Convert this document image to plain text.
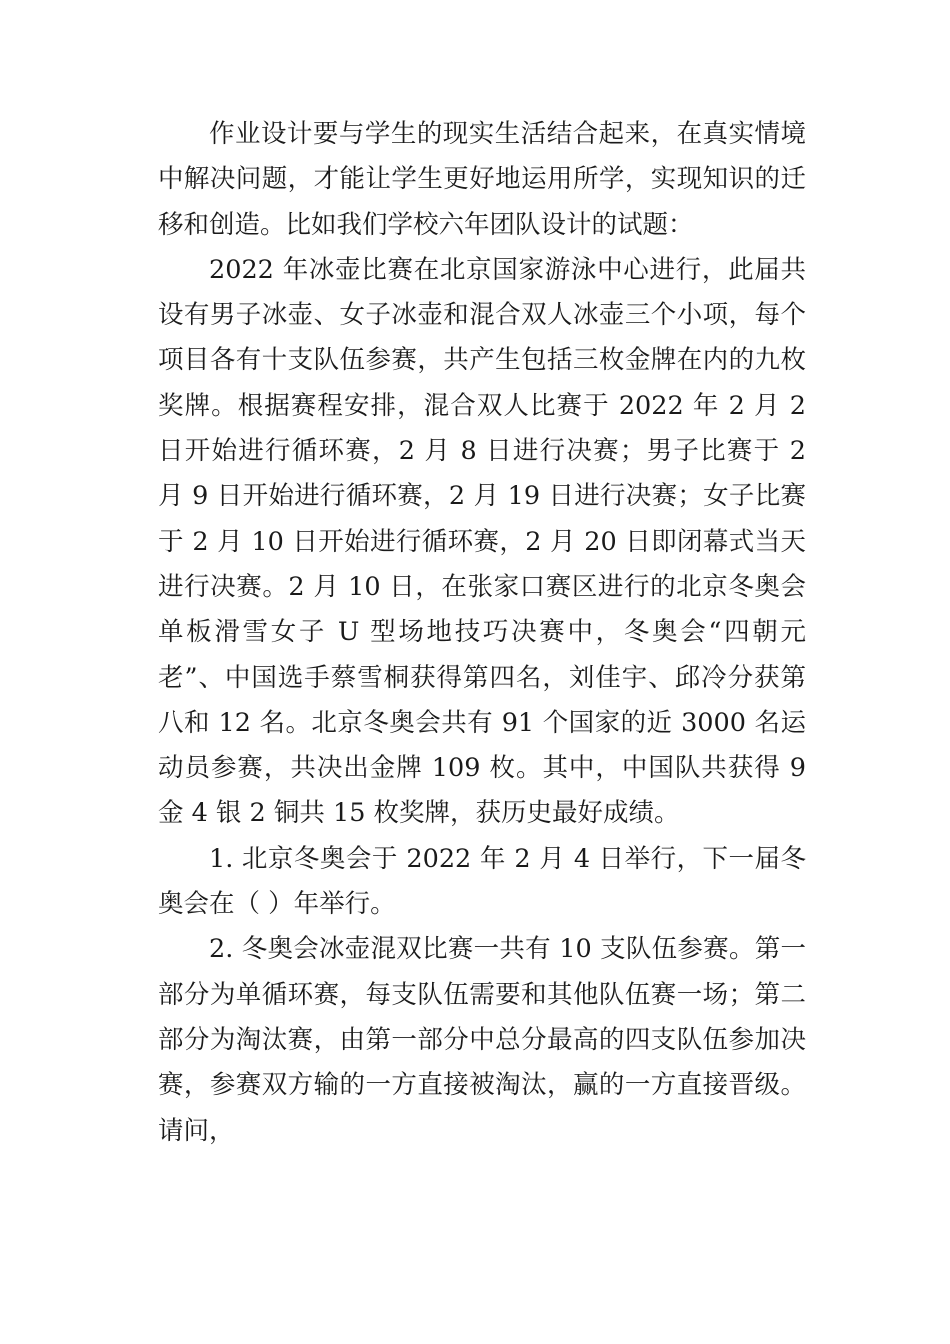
作业设计要与学生的现实生活结合起来，在真实情境中解决问题，才能让学生更好地运用所学，实现知识的迁移和创造。比如我们学校六年团队设计的试题：

2022 年冰壶比赛在北京国家游泳中心进行，此届共设有男子冰壶、女子冰壶和混合双人冰壶三个小项，每个项目各有十支队伍参赛，共产生包括三枚金牌在内的九枚奖牌。根据赛程安排，混合双人比赛于 2022 年 2 月 2 日开始进行循环赛，2 月 8 日进行决赛；男子比赛于 2 月 9 日开始进行循环赛，2 月 19 日进行决赛；女子比赛于 2 月 10 日开始进行循环赛，2 月 20 日即闭幕式当天进行决赛。2 月 10 日，在张家口赛区进行的北京冬奥会单板滑雪女子 U 型场地技巧决赛中，冬奥会“四朝元老”、中国选手蔡雪桐获得第四名，刘佳宇、邱冷分获第八和 12 名。北京冬奥会共有 91 个国家的近 3000 名运动员参赛，共决出金牌 109 枚。其中，中国队共获得 9 金 4 银 2 铜共 15 枚奖牌，获历史最好成绩。

1. 北京冬奥会于 2022 年 2 月 4 日举行，下一届冬奥会在（ ）年举行。

2. 冬奥会冰壶混双比赛一共有 10 支队伍参赛。第一部分为单循环赛，每支队伍需要和其他队伍赛一场；第二部分为淘汰赛，由第一部分中总分最高的四支队伍参加决赛，参赛双方输的一方直接被淘汰，赢的一方直接晋级。请问，
